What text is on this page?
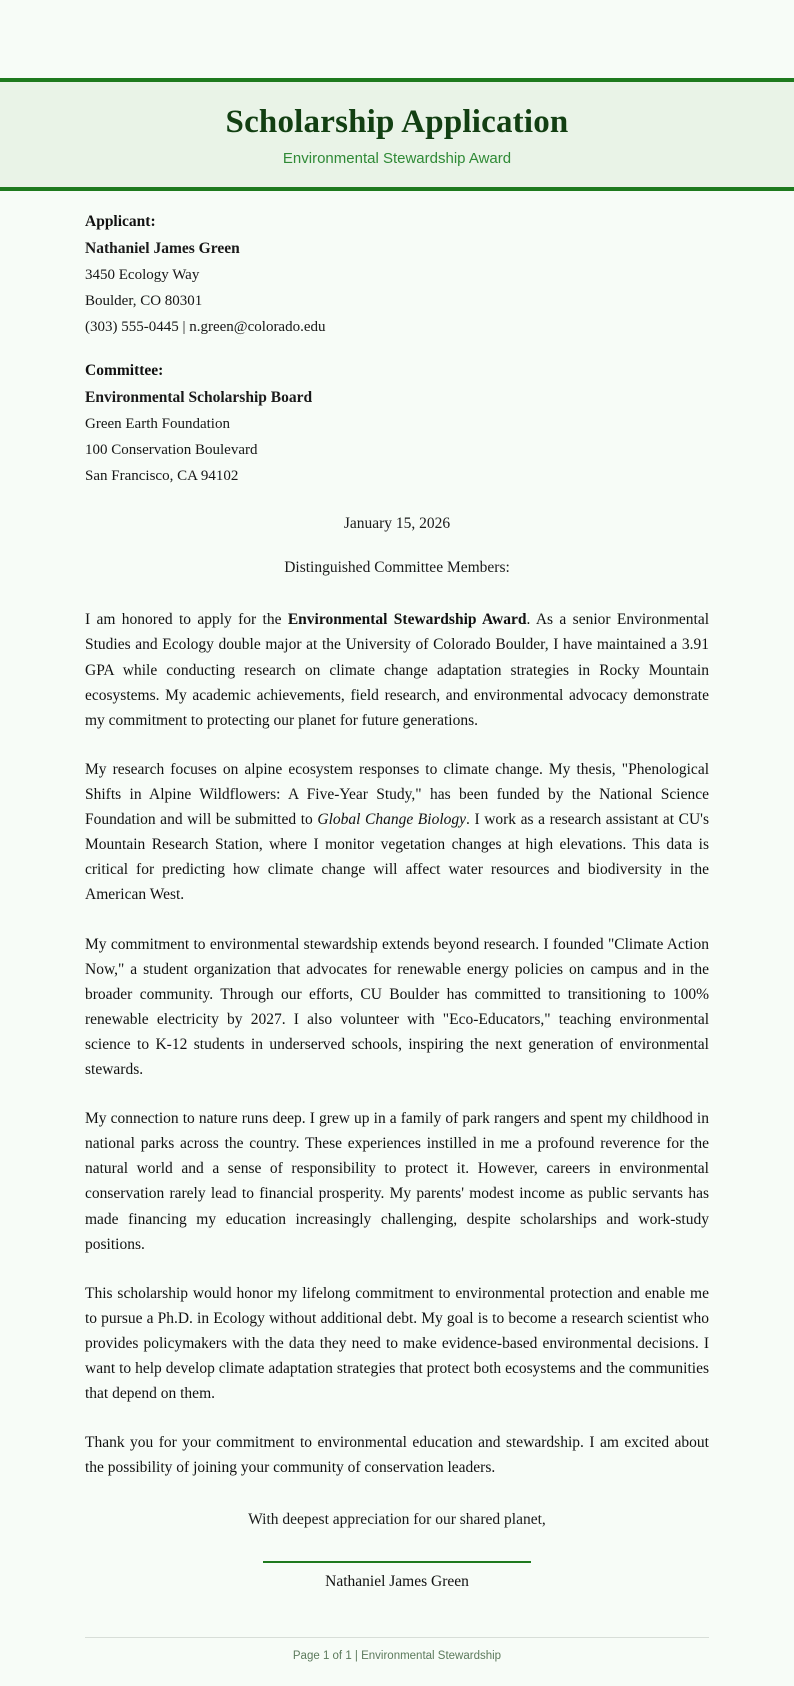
Scholarship Application
Environmental Stewardship Award
Applicant:
Nathaniel James Green
3450 Ecology Way
Boulder, CO 80301
(303) 555-0445 | n.green@colorado.edu
Committee:
Environmental Scholarship Board
Green Earth Foundation
100 Conservation Boulevard
San Francisco, CA 94102
January 15, 2026
Distinguished Committee Members:

I am honored to apply for the Environmental Stewardship Award. As a senior Environmental Studies and Ecology double major at the University of Colorado Boulder, I have maintained a 3.91 GPA while conducting research on climate change adaptation strategies in Rocky Mountain ecosystems. My academic achievements, field research, and environmental advocacy demonstrate my commitment to protecting our planet for future generations.

My research focuses on alpine ecosystem responses to climate change. My thesis, "Phenological Shifts in Alpine Wildflowers: A Five-Year Study," has been funded by the National Science Foundation and will be submitted to Global Change Biology. I work as a research assistant at CU's Mountain Research Station, where I monitor vegetation changes at high elevations. This data is critical for predicting how climate change will affect water resources and biodiversity in the American West.

My commitment to environmental stewardship extends beyond research. I founded "Climate Action Now," a student organization that advocates for renewable energy policies on campus and in the broader community. Through our efforts, CU Boulder has committed to transitioning to 100% renewable electricity by 2027. I also volunteer with "Eco-Educators," teaching environmental science to K-12 students in underserved schools, inspiring the next generation of environmental stewards.

My connection to nature runs deep. I grew up in a family of park rangers and spent my childhood in national parks across the country. These experiences instilled in me a profound reverence for the natural world and a sense of responsibility to protect it. However, careers in environmental conservation rarely lead to financial prosperity. My parents' modest income as public servants has made financing my education increasingly challenging, despite scholarships and work-study positions.

This scholarship would honor my lifelong commitment to environmental protection and enable me to pursue a Ph.D. in Ecology without additional debt. My goal is to become a research scientist who provides policymakers with the data they need to make evidence-based environmental decisions. I want to help develop climate adaptation strategies that protect both ecosystems and the communities that depend on them.

Thank you for your commitment to environmental education and stewardship. I am excited about the possibility of joining your community of conservation leaders.

With deepest appreciation for our shared planet,
Nathaniel James Green
Page 1 of 1 | Environmental Stewardship
